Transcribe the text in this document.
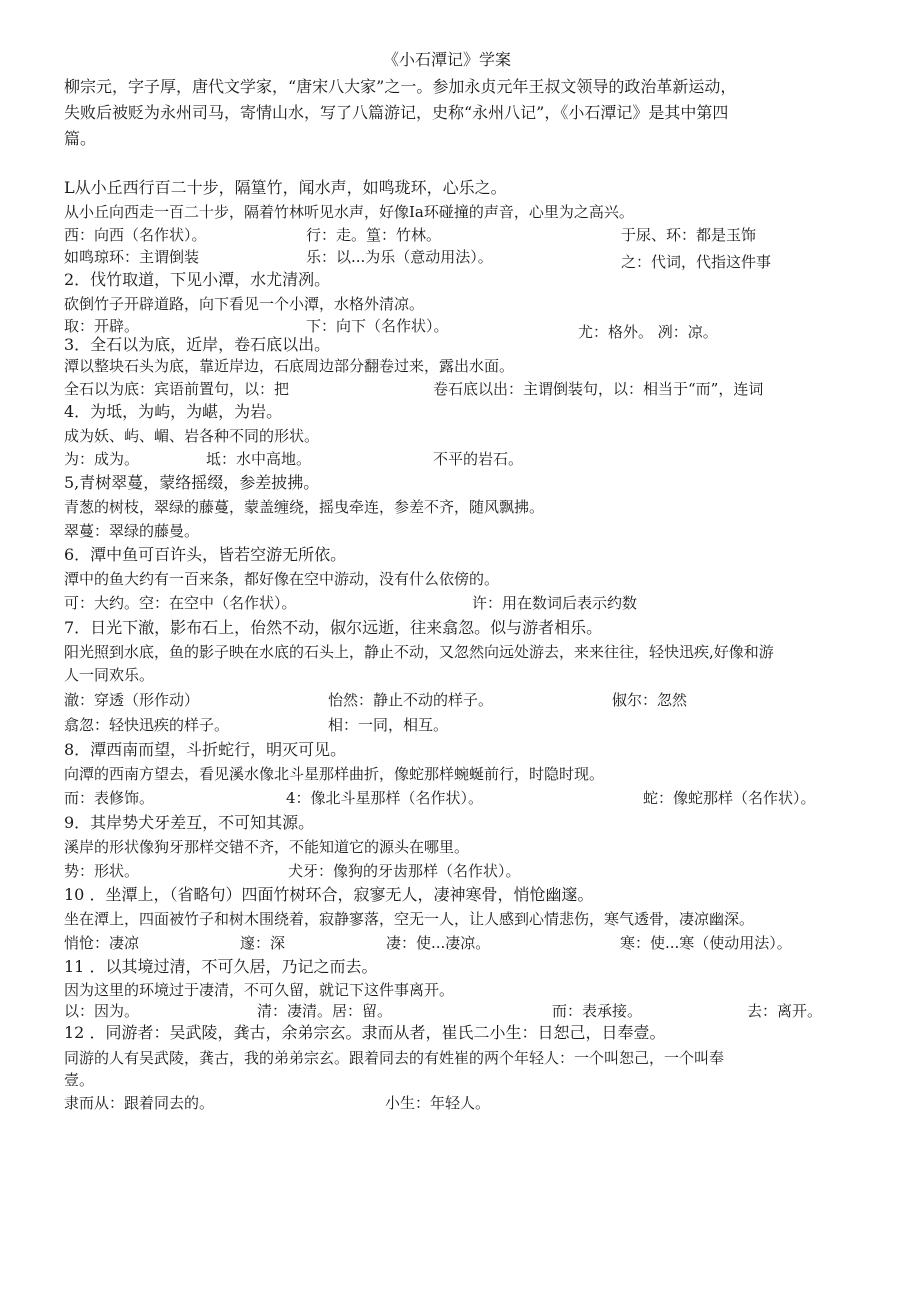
《小石潭记》学案
柳宗元，字子厚，唐代文学家，“唐宋八大家”之一。参加永贞元年王叔文领导的政治革新运动，
失败后被贬为永州司马，寄情山水，写了八篇游记，史称“永州八记”，《小石潭记》是其中第四
篇。
L从小丘西行百二十步，隔篁竹，闻水声，如鸣珑环，心乐之。
从小丘向西走一百二十步，隔着竹林听见水声，好像Ia环碰撞的声音，心里为之高兴。
西：向西（名作状）。	行：走。篁：竹林。	于尿、环：都是玉饰
如鸣琼环：主谓倒装	乐：以...为乐（意动用法）。	之：代词，代指这件事
2．伐竹取道，下见小潭，水尤清冽。
砍倒竹子开辟道路，向下看见一个小潭，水格外清凉。
取：开辟。	下：向下（名作状）。	尤：格外。 冽：凉。
3．全石以为底，近岸，卷石底以出。
潭以整块石头为底，靠近岸边，石底周边部分翻卷过来，露出水面。
全石以为底：宾语前置句，以：把	卷石底以出：主谓倒装句，以：相当于“而”，连词
4．为坻，为屿，为嵁，为岩。
成为妖、屿、嵋、岩各种不同的形状。
为：成为。	坻：水中高地。	不平的岩石。
5,青树翠蔓，蒙络摇缀，参差披拂。
青葱的树枝，翠绿的藤蔓，蒙盖缠绕，摇曳牵连，参差不齐，随风飘拂。
翠蔓：翠绿的藤曼。
6．潭中鱼可百许头，皆若空游无所依。
潭中的鱼大约有一百来条，都好像在空中游动，没有什么依傍的。
可：大约。空：在空中（名作状）。	许：用在数词后表示约数
7．日光下澈，影布石上，佁然不动，俶尔远逝，往来翕忽。似与游者相乐。
阳光照到水底，鱼的影子映在水底的石头上，静止不动，又忽然向远处游去，来来往往，轻快迅疾,好像和游
人一同欢乐。
澈：穿透（形作动）	怡然：静止不动的样子。	俶尔：忽然
翕忽：轻快迅疾的样子。	相：一同，相互。
8．潭西南而望，斗折蛇行，明灭可见。
向潭的西南方望去，看见溪水像北斗星那样曲折，像蛇那样蜿蜒前行，时隐时现。
而：表修饰。	4：像北斗星那样（名作状）。	蛇：像蛇那样（名作状）。
9．其岸势犬牙差互，不可知其源。
溪岸的形状像狗牙那样交错不齐，不能知道它的源头在哪里。
势：形状。	犬牙：像狗的牙齿那样（名作状）。
10 ．坐潭上，（省略句）四面竹树环合，寂寥无人，凄神寒骨，悄怆幽邃。
坐在潭上，四面被竹子和树木围绕着，寂静寥落，空无一人，让人感到心情悲伤，寒气透骨，凄凉幽深。
悄怆：凄凉	邃：深	凄：使...凄凉。	寒：使...寒（使动用法）。
11 ．以其境过清，不可久居，乃记之而去。
因为这里的环境过于凄清，不可久留，就记下这件事离开。
以：因为。	清：凄清。居：留。	而：表承接。	去：离开。
12 ．同游者：吴武陵，龚古，余弟宗玄。隶而从者，崔氏二小生：日恕己，日奉壹。
同游的人有吴武陵，龚古，我的弟弟宗玄。跟着同去的有姓崔的两个年轻人：一个叫恕己，一个叫奉
壹。
隶而从：跟着同去的。	小生：年轻人。
